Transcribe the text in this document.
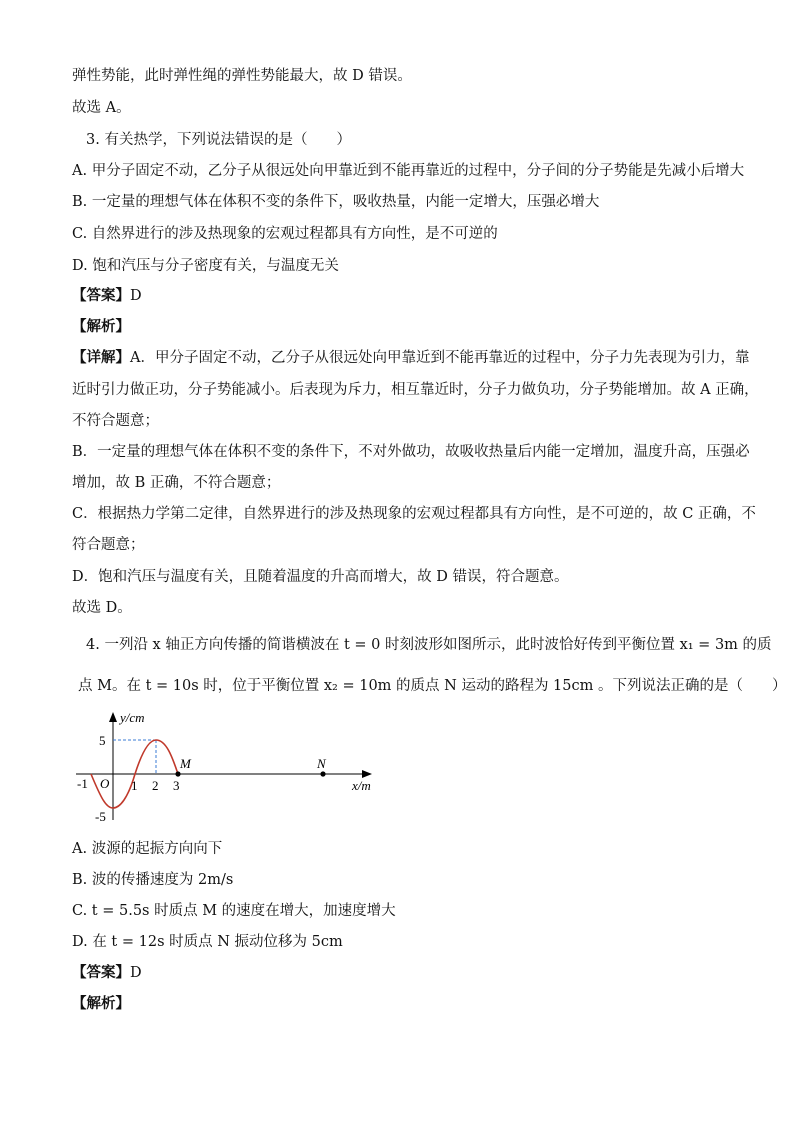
弹性势能，此时弹性绳的弹性势能最大，故 D 错误。
故选 A。
3. 有关热学，下列说法错误的是（　　）
A. 甲分子固定不动，乙分子从很远处向甲靠近到不能再靠近的过程中，分子间的分子势能是先减小后增大
B. 一定量的理想气体在体积不变的条件下，吸收热量，内能一定增大，压强必增大
C. 自然界进行的涉及热现象的宏观过程都具有方向性，是不可逆的
D. 饱和汽压与分子密度有关，与温度无关
【答案】D
【解析】
【详解】A．甲分子固定不动，乙分子从很远处向甲靠近到不能再靠近的过程中，分子力先表现为引力，靠
近时引力做正功，分子势能减小。后表现为斥力，相互靠近时，分子力做负功，分子势能增加。故 A 正确，
不符合题意；
B．一定量的理想气体在体积不变的条件下，不对外做功，故吸收热量后内能一定增加，温度升高，压强必
增加，故 B 正确，不符合题意；
C．根据热力学第二定律，自然界进行的涉及热现象的宏观过程都具有方向性，是不可逆的，故 C 正确，不
符合题意；
D．饱和汽压与温度有关，且随着温度的升高而增大，故 D 错误，符合题意。
故选 D。
4. 一列沿 x 轴正方向传播的简谐横波在 t = 0 时刻波形如图所示，此时波恰好传到平衡位置 x₁ = 3m 的质
点 M。在 t = 10s 时，位于平衡位置 x₂ = 10m 的质点 N 运动的路程为 15cm 。下列说法正确的是（　　）
y/cm
x/m
O
-1	1 2 3
5
-5
M	N
A. 波源的起振方向向下
B. 波的传播速度为 2m/s
C. t = 5.5s 时质点 M 的速度在增大，加速度增大
D. 在 t = 12s 时质点 N 振动位移为 5cm
【答案】D
【解析】
